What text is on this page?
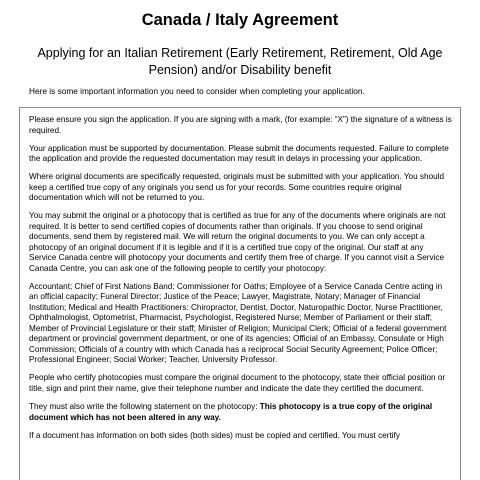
Canada / Italy Agreement
Applying for an Italian Retirement (Early Retirement, Retirement, Old Age Pension) and/or Disability benefit

Here is some important information you need to consider when completing your application.

Please ensure you sign the application. If you are signing with a mark, (for example: “X”) the signature of a witness is required.

Your application must be supported by documentation. Please submit the documents requested. Failure to complete the application and provide the requested documentation may result in delays in processing your application.

Where original documents are specifically requested, originals must be submitted with your application. You should keep a certified true copy of any originals you send us for your records. Some countries require original documentation which will not be returned to you.

You may submit the original or a photocopy that is certified as true for any of the documents where originals are not required. It is better to send certified copies of documents rather than originals. If you choose to send original documents, send them by registered mail. We will return the original documents to you. We can only accept a photocopy of an original document if it is legible and if it is a certified true copy of the original. Our staff at any Service Canada centre will photocopy your documents and certify them free of charge. If you cannot visit a Service Canada Centre, you can ask one of the following people to certify your photocopy:

Accountant; Chief of First Nations Band; Commissioner for Oaths; Employee of a Service Canada Centre acting in an official capacity; Funeral Director; Justice of the Peace; Lawyer, Magistrate, Notary; Manager of Financial Institution; Medical and Health Practitioners: Chiropractor, Dentist, Doctor, Naturopathic Doctor, Nurse Practitioner, Ophthalmologist, Optometrist, Pharmacist, Psychologist, Registered Nurse; Member of Parliament or their staff; Member of Provincial Legislature or their staff; Minister of Religion; Municipal Clerk; Official of a federal government department or provincial government department, or one of its agencies; Official of an Embassy, Consulate or High Commission; Officials of a country with which Canada has a reciprocal Social Security Agreement; Police Officer; Professional Engineer; Social Worker; Teacher, University Professor.

People who certify photocopies must compare the original document to the photocopy, state their official position or title, sign and print their name, give their telephone number and indicate the date they certified the document.

They must also write the following statement on the photocopy: This photocopy is a true copy of the original document which has not been altered in any way.

If a document has information on both sides (both sides) must be copied and certified. You must certify
